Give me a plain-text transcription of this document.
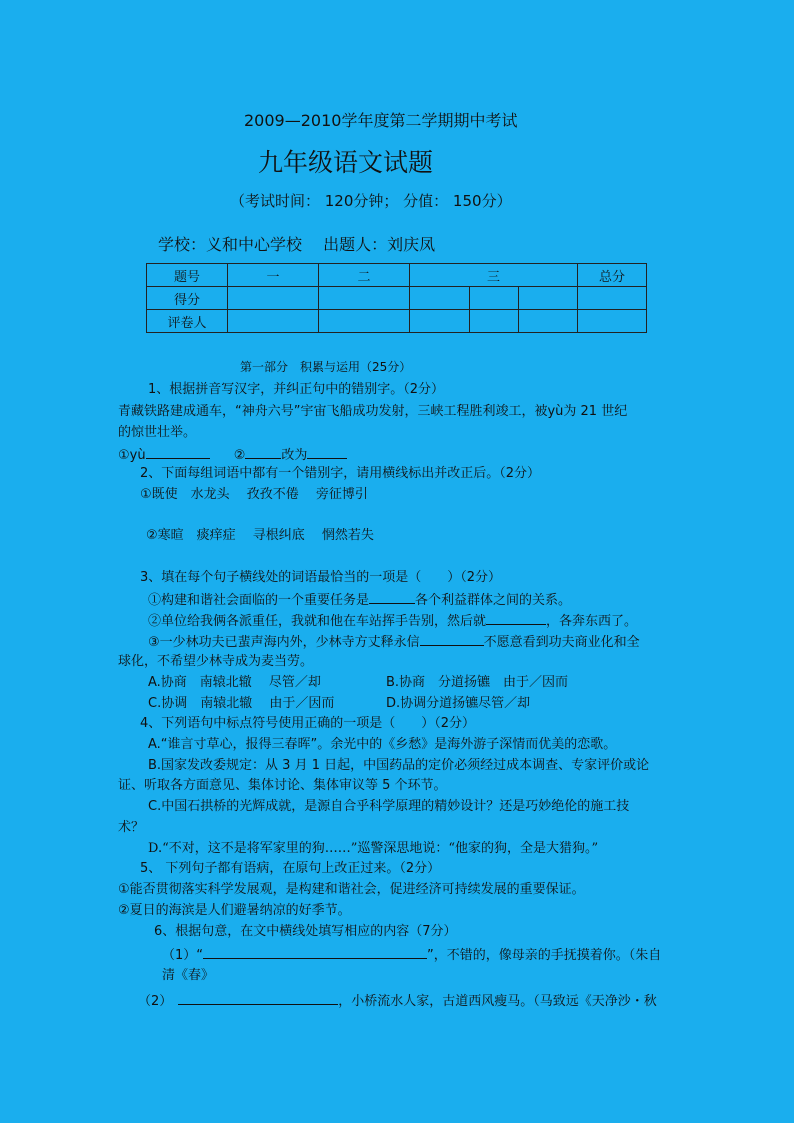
2009—2010学年度第二学期期中考试
九年级语文试题
（考试时间： 120分钟； 分值： 150分）
学校：义和中心学校　 出题人：刘庆凤
题号	一	二	三			总分
得分						
评卷人						
第一部分　积累与运用（25分）
1、根据拼音写汉字，并纠正句中的错别字。（2分）
青藏铁路建成通车，“神舟六号”宇宙飞船成功发射，三峡工程胜利竣工，被yù为 21 世纪
的惊世壮举。
①yù	②	改为
2、下面每组词语中都有一个错别字，请用横线标出并改正后。（2分）
①既使　水龙头　 孜孜不倦　 旁征博引
②寒暄　痰痒症　 寻根纠底　 惘然若失
3、填在每个句子横线处的词语最恰当的一项是（　　）（2分）
①构建和谐社会面临的一个重要任务是	各个利益群体之间的关系。
②单位给我俩各派重任，我就和他在车站挥手告别，然后就	，各奔东西了。
③一少林功夫已蜚声海内外，少林寺方丈释永信	不愿意看到功夫商业化和全
球化，不希望少林寺成为麦当劳。
A.协商　南辕北辙　 尽管／却	B.协商　分道扬镳　由于／因而
C.协调　南辕北辙　 由于／因而	D.协调分道扬镳尽管／却
4、下列语句中标点符号使用正确的一项是（　　）（2分）
A.“谁言寸草心，报得三春晖”。余光中的《乡愁》是海外游子深情而优美的恋歌。
B.国家发改委规定：从 3 月 1 日起，中国药品的定价必须经过成本调查、专家评价或论
证、听取各方面意见、集体讨论、集体审议等 5 个环节。
C.中国石拱桥的光辉成就，是源自合乎科学原理的精妙设计？还是巧妙绝伦的施工技
术？
D.“不对，这不是将军家里的狗……”巡警深思地说：“他家的狗，全是大猎狗。”
5、 下列句子都有语病，在原句上改正过来。（2分）
①能否贯彻落实科学发展观，是构建和谐社会，促进经济可持续发展的重要保证。
②夏日的海滨是人们避暑纳凉的好季节。
6、根据句意，在文中横线处填写相应的内容（7分）
（1）“	”，不错的，像母亲的手抚摸着你。（朱自
清《春》
（2）	，小桥流水人家，古道西风瘦马。（马致远《天净沙・秋
